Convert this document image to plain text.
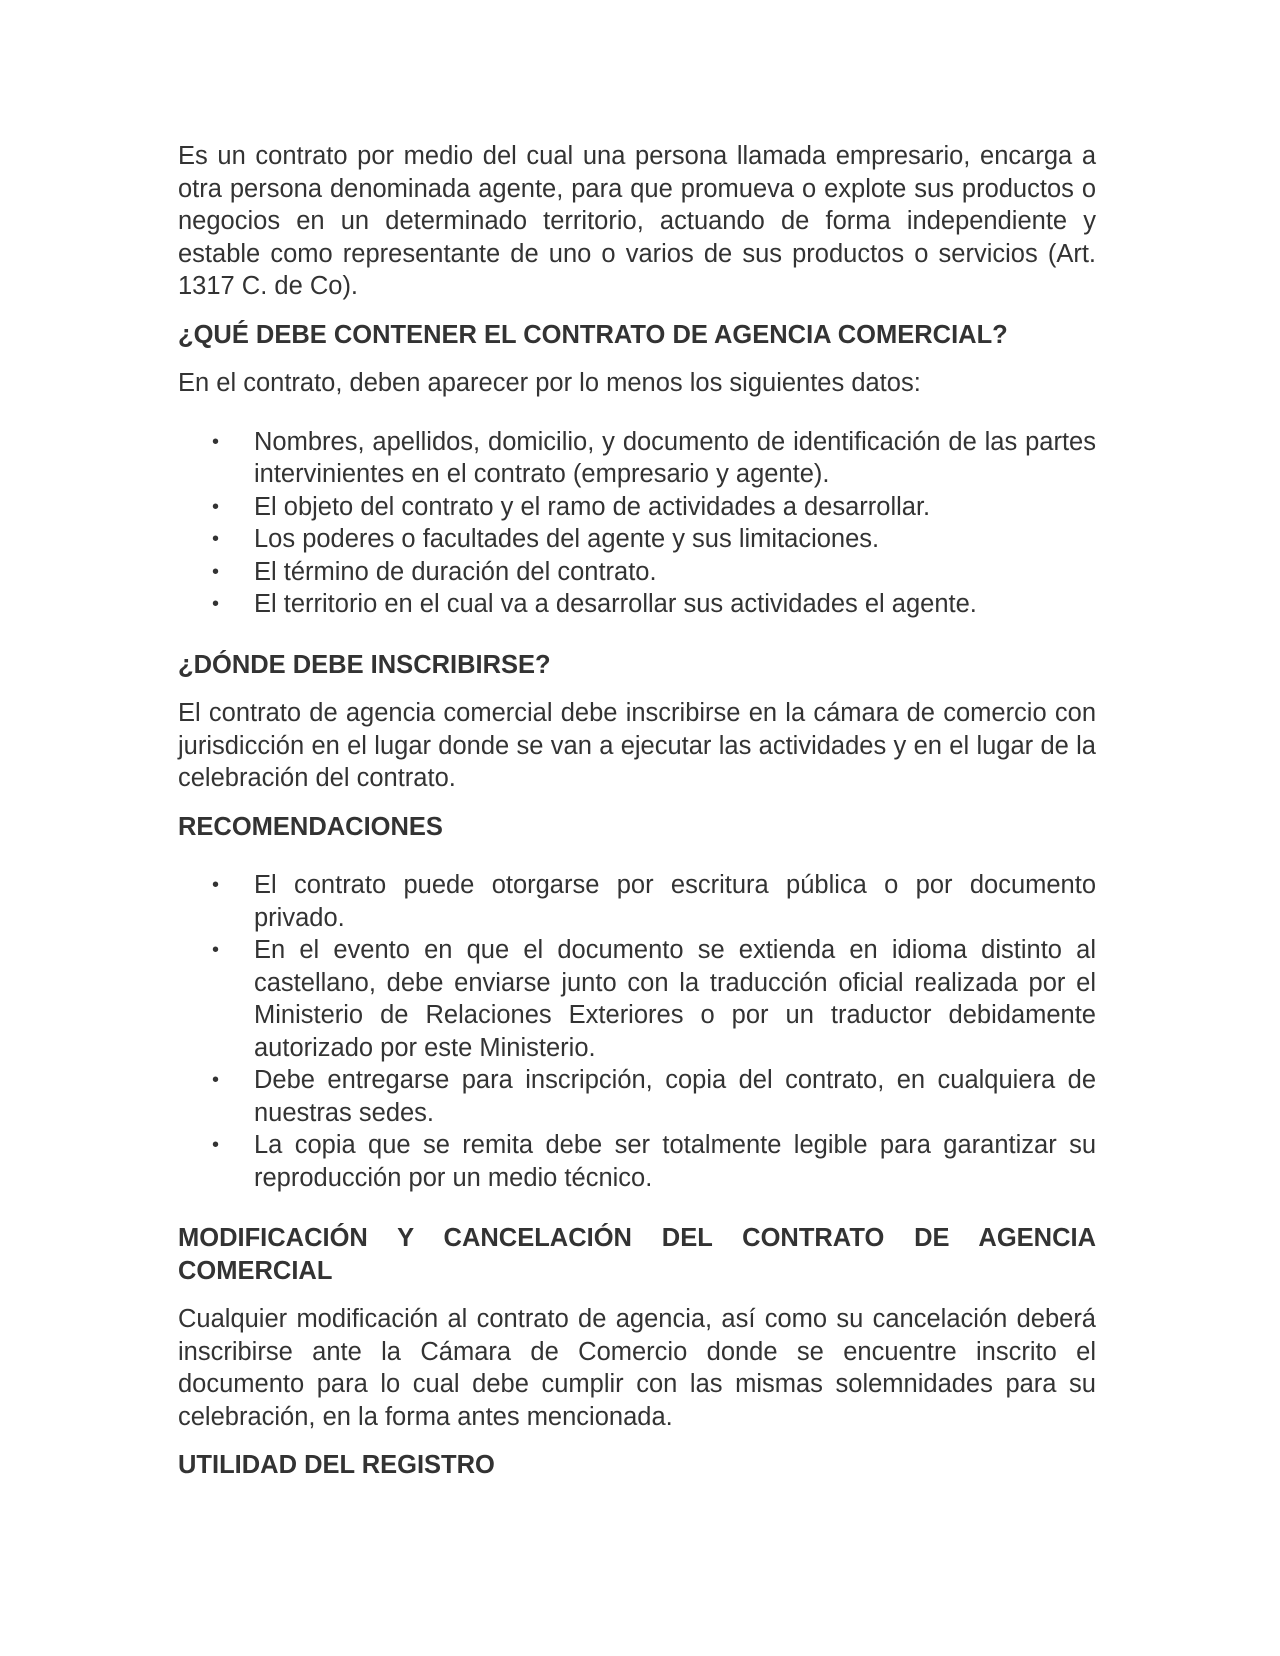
Es un contrato por medio del cual una persona llamada empresario, encarga a otra persona denominada agente, para que promueva o explote sus productos o negocios en un determinado territorio, actuando de forma independiente y estable como representante de uno o varios de sus productos o servicios (Art. 1317 C. de Co).

¿QUÉ DEBE CONTENER EL CONTRATO DE AGENCIA COMERCIAL?

En el contrato, deben aparecer por lo menos los siguientes datos:

• Nombres, apellidos, domicilio, y documento de identificación de las partes intervinientes en el contrato (empresario y agente).
• El objeto del contrato y el ramo de actividades a desarrollar.
• Los poderes o facultades del agente y sus limitaciones.
• El término de duración del contrato.
• El territorio en el cual va a desarrollar sus actividades el agente.
¿DÓNDE DEBE INSCRIBIRSE?

El contrato de agencia comercial debe inscribirse en la cámara de comercio con jurisdicción en el lugar donde se van a ejecutar las actividades y en el lugar de la celebración del contrato.

RECOMENDACIONES
• El contrato puede otorgarse por escritura pública o por documento privado.
• En el evento en que el documento se extienda en idioma distinto al castellano, debe enviarse junto con la traducción oficial realizada por el Ministerio de Relaciones Exteriores o por un traductor debidamente autorizado por este Ministerio.
• Debe entregarse para inscripción, copia del contrato, en cualquiera de nuestras sedes.
• La copia que se remita debe ser totalmente legible para garantizar su reproducción por un medio técnico.
MODIFICACIÓN Y CANCELACIÓN DEL CONTRATO DE AGENCIA COMERCIAL

Cualquier modificación al contrato de agencia, así como su cancelación deberá inscribirse ante la Cámara de Comercio donde se encuentre inscrito el documento para lo cual debe cumplir con las mismas solemnidades para su celebración, en la forma antes mencionada.

UTILIDAD DEL REGISTRO
